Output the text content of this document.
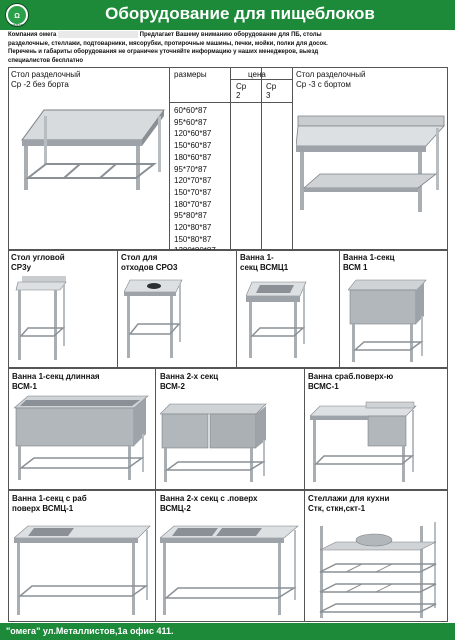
Ω
ОМЕГА
Оборудование для пищеблоков
Компания омега	Предлагает Вашему вниманию оборудование для ПБ, столы
разделочные, стеллажи, подтоварники, мясорубки, протирочные машины, печки, мойки, полки для досок.
Перечень и габариты оборудования не ограничен уточняйте информацию у наших менеджеров, выезд
специалистов бесплатно
Стол разделочный
Ср -2 без борта
размеры	цена
Ср
2
Ср
3
Стол разделочный
Ср -3 с бортом
60*60*87
95*60*87
120*60*87
150*60*87
180*60*87
95*70*87
120*70*87
150*70*87
180*70*87
95*80*87
120*80*87
150*80*87
Стол угловой
СР3у
Стол для
отходов СРО3
Ванна 1-
секц ВСМЦ1
Ванна 1-секц
ВСМ 1
Ванна 1-секц длинная
ВСМ-1
Ванна 2-х секц
ВСМ-2
Ванна сраб.поверх-ю
ВСМС-1
Ванна 1-секц с раб
поверх ВСМЦ-1
Ванна 2-х секц с .поверх
ВСМЦ-2
Стеллажи для кухни
Стк, сткн,скт-1
"омега" ул.Металлистов,1а офис 411.
